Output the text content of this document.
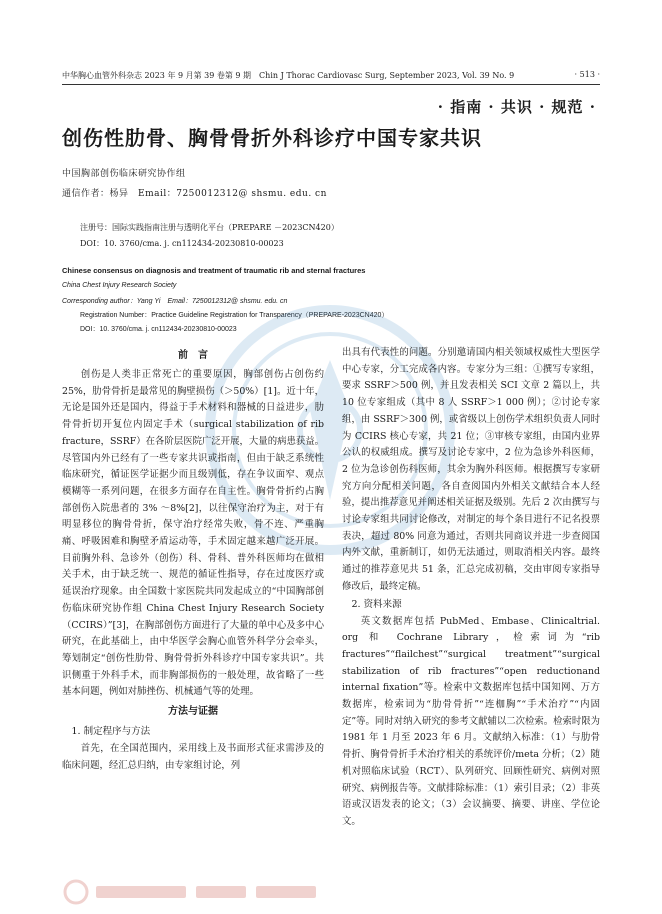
中华胸心血管外科杂志 2023 年 9 月第 39 卷第 9 期　Chin J Thorac Cardiovasc Surg, September 2023, Vol. 39 No. 9	· 513 ·
· 指南 · 共识 · 规范 ·
创伤性肋骨、胸骨骨折外科诊疗中国专家共识
中国胸部创伤临床研究协作组
通信作者：杨异　Email：7250012312@ shsmu. edu. cn
注册号：国际实践指南注册与透明化平台（PREPARE －2023CN420）
DOI：10. 3760/cma. j. cn112434-20230810-00023
Chinese consensus on diagnosis and treatment of traumatic rib and sternal fractures
China Chest Injury Research Society
Corresponding author：Yang Yi　Email：7250012312@ shsmu. edu. cn
Registration Number：Practice Guideline Registration for Transparency（PREPARE-2023CN420）
DOI：10. 3760/cma. j. cn112434-20230810-00023
前　言

创伤是人类非正常死亡的重要原因，胸部创伤占创伤约 25%，肋骨骨折是最常见的胸壁损伤（＞50%）[1]。近十年，无论是国外还是国内，得益于手术材料和器械的日益进步，肋骨骨折切开复位内固定手术（surgical stabilization of rib fracture，SSRF）在各阶层医院广泛开展，大量的病患获益。尽管国内外已经有了一些专家共识或指南，但由于缺乏系统性临床研究，循证医学证据少而且级别低，存在争议面窄、观点模糊等一系列问题，在很多方面存在自主性。胸骨骨折约占胸部创伤入院患者的 3% ～8%[2]，以往保守治疗为主，对于有明显移位的胸骨骨折，保守治疗经常失败，骨不连、严重胸痛、呼吸困难和胸壁矛盾运动等，手术固定越来越广泛开展。目前胸外科、急诊外（创伤）科、骨科、普外科医师均在做相关手术，由于缺乏统一、规范的循证性指导，存在过度医疗或延误治疗现象。由全国数十家医院共同发起成立的“中国胸部创伤临床研究协作组 China Chest Injury Research Society（CCIRS）”[3]，在胸部创伤方面进行了大量的单中心及多中心研究，在此基础上，由中华医学会胸心血管外科学分会牵头，筹划制定“创伤性肋骨、胸骨骨折外科诊疗中国专家共识”。共识侧重于外科手术，而非胸部损伤的一般处理，故省略了一些基本问题，例如对肺挫伤、机械通气等的处理。

方法与证据
1. 制定程序与方法

首先，在全国范围内，采用线上及书面形式征求需涉及的临床问题，经汇总归纳，由专家组讨论，列

出具有代表性的问题。分别邀请国内相关领域权威性大型医学中心专家，分工完成各内容。专家分为三组：①撰写专家组，要求 SSRF＞500 例，并且发表相关 SCI 文章 2 篇以上，共 10 位专家组成（其中 8 人 SSRF＞1 000 例）；②讨论专家组，由 SSRF＞300 例，或省级以上创伤学术组织负责人同时为 CCIRS 核心专家，共 21 位；③审核专家组，由国内业界公认的权威组成。撰写及讨论专家中，2 位为急诊外科医师，2 位为急诊创伤科医师，其余为胸外科医师。根据撰写专家研究方向分配相关问题，各自查阅国内外相关文献结合本人经验，提出推荐意见并阐述相关证据及级别。先后 2 次由撰写与讨论专家组共同讨论修改，对制定的每个条目进行不记名投票表决，超过 80% 同意为通过，否则共同商议并进一步查阅国内外文献，重新制订，如仍无法通过，则取消相关内容。最终通过的推荐意见共 51 条，汇总完成初稿，交由审阅专家指导修改后，最终定稿。

2. 资料来源

英文数据库包括 PubMed、Embase、Clinicaltrial. org 和 Cochrane Library，检索词为“rib fractures”“flailchest”“surgical treatment”“surgical stabilization of rib fractures”“open reductionand internal fixation”等。检索中文数据库包括中国知网、万方数据库，检索词为“肋骨骨折”“连枷胸”“手术治疗”“内固定”等。同时对纳入研究的参考文献辅以二次检索。检索时限为 1981 年 1 月至 2023 年 6 月。文献纳入标准：（1）与肋骨骨折、胸骨骨折手术治疗相关的系统评价/meta 分析；（2）随机对照临床试验（RCT）、队列研究、回顾性研究、病例对照研究、病例报告等。文献排除标准：（1）索引目录；（2）非英语或汉语发表的论文；（3）会议摘要、摘要、讲座、学位论文。
